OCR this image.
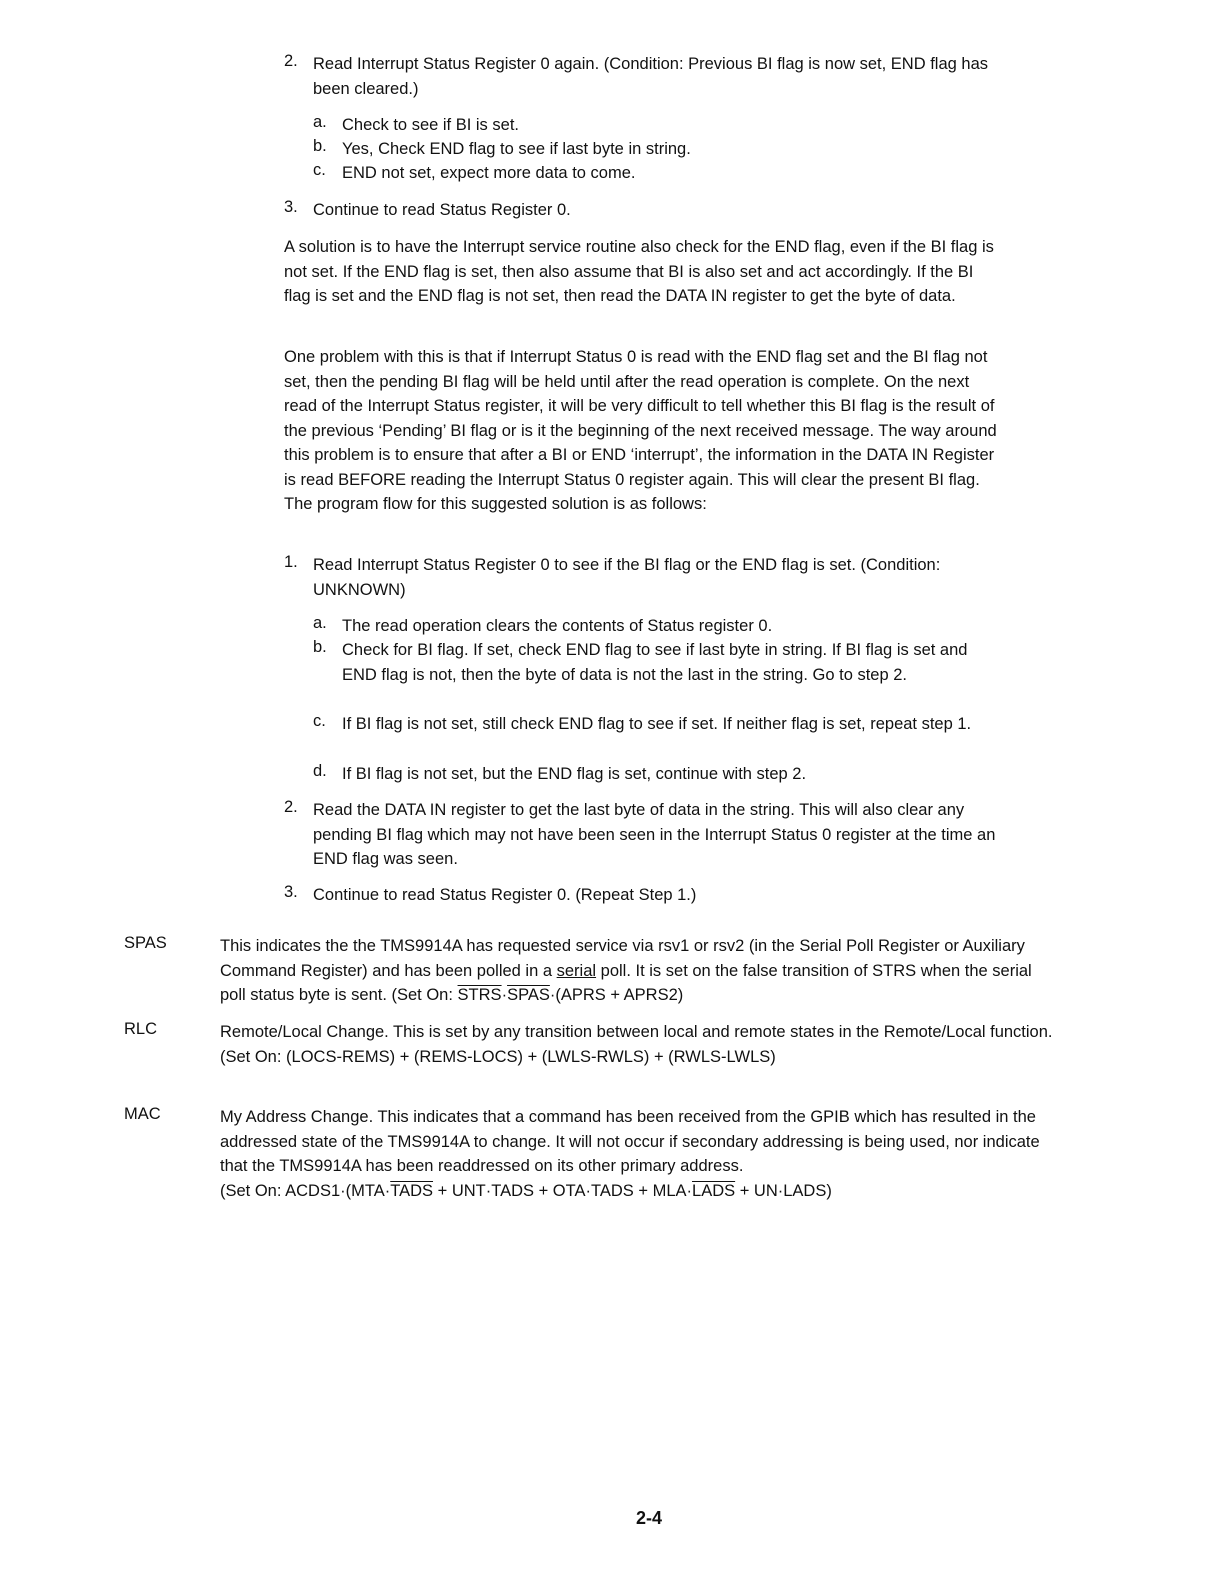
2. Read Interrupt Status Register 0 again. (Condition: Previous BI flag is now set, END flag has been cleared.)
a. Check to see if BI is set.
b. Yes, Check END flag to see if last byte in string.
c. END not set, expect more data to come.
3. Continue to read Status Register 0.
A solution is to have the Interrupt service routine also check for the END flag, even if the BI flag is not set. If the END flag is set, then also assume that BI is also set and act accordingly. If the BI flag is set and the END flag is not set, then read the DATA IN register to get the byte of data.
One problem with this is that if Interrupt Status 0 is read with the END flag set and the BI flag not set, then the pending BI flag will be held until after the read operation is complete. On the next read of the Interrupt Status register, it will be very difficult to tell whether this BI flag is the result of the previous ‘Pending’ BI flag or is it the beginning of the next received message. The way around this problem is to ensure that after a BI or END ‘interrupt’, the information in the DATA IN Register is read BEFORE reading the Interrupt Status 0 register again. This will clear the present BI flag. The program flow for this suggested solution is as follows:
1. Read Interrupt Status Register 0 to see if the BI flag or the END flag is set. (Condition: UNKNOWN)
a. The read operation clears the contents of Status register 0.
b. Check for BI flag. If set, check END flag to see if last byte in string. If BI flag is set and END flag is not, then the byte of data is not the last in the string. Go to step 2.
c. If BI flag is not set, still check END flag to see if set. If neither flag is set, repeat step 1.
d. If BI flag is not set, but the END flag is set, continue with step 2.
2. Read the DATA IN register to get the last byte of data in the string. This will also clear any pending BI flag which may not have been seen in the Interrupt Status 0 register at the time an END flag was seen.
3. Continue to read Status Register 0. (Repeat Step 1.)
SPAS	This indicates the the TMS9914A has requested service via rsv1 or rsv2 (in the Serial Poll Register or Auxiliary Command Register) and has been polled in a serial poll. It is set on the false transition of STRS when the serial poll status byte is sent. (Set On: STRS·SPAS·(APRS + APRS2)
RLC	Remote/Local Change. This is set by any transition between local and remote states in the Remote/Local function.
(Set On: (LOCS-REMS) + (REMS-LOCS) + (LWLS-RWLS) + (RWLS-LWLS)
MAC	My Address Change. This indicates that a command has been received from the GPIB which has resulted in the addressed state of the TMS9914A to change. It will not occur if secondary addressing is being used, nor indicate that the TMS9914A has been readdressed on its other primary address.
(Set On: ACDS1·(MTA·TADS + UNT·TADS + OTA·TADS + MLA·LADS + UN·LADS)
2-4
